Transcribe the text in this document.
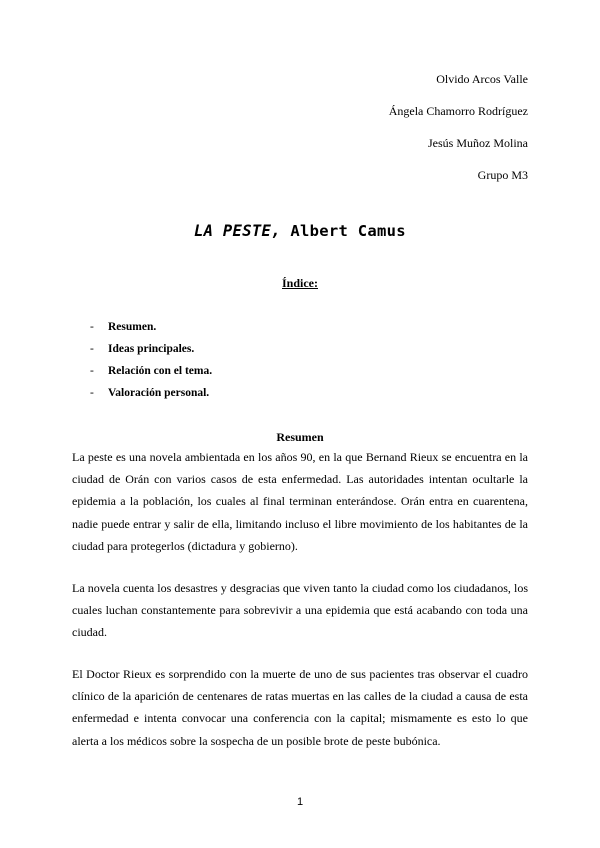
Olvido Arcos Valle
Ángela Chamorro Rodríguez
Jesús Muñoz Molina
Grupo M3
LA PESTE, Albert Camus
Índice:
-	Resumen.
-	Ideas principales.
-	Relación con el tema.
-	Valoración personal.
Resumen

La peste es una novela ambientada en los años 90, en la que Bernand Rieux se encuentra en la ciudad de Orán con varios casos de esta enfermedad. Las autoridades intentan ocultarle la epidemia a la población, los cuales al final terminan enterándose. Orán entra en cuarentena, nadie puede entrar y salir de ella, limitando incluso el libre movimiento de los habitantes de la ciudad para protegerlos (dictadura y gobierno).

La novela cuenta los desastres y desgracias que viven tanto la ciudad como los ciudadanos, los cuales luchan constantemente para sobrevivir a una epidemia que está acabando con toda una ciudad.

El Doctor Rieux es sorprendido con la muerte de uno de sus pacientes tras observar el cuadro clínico de la aparición de centenares de ratas muertas en las calles de la ciudad a causa de esta enfermedad e intenta convocar una conferencia con la capital; mismamente es esto lo que alerta a los médicos sobre la sospecha de un posible brote de peste bubónica.

1
